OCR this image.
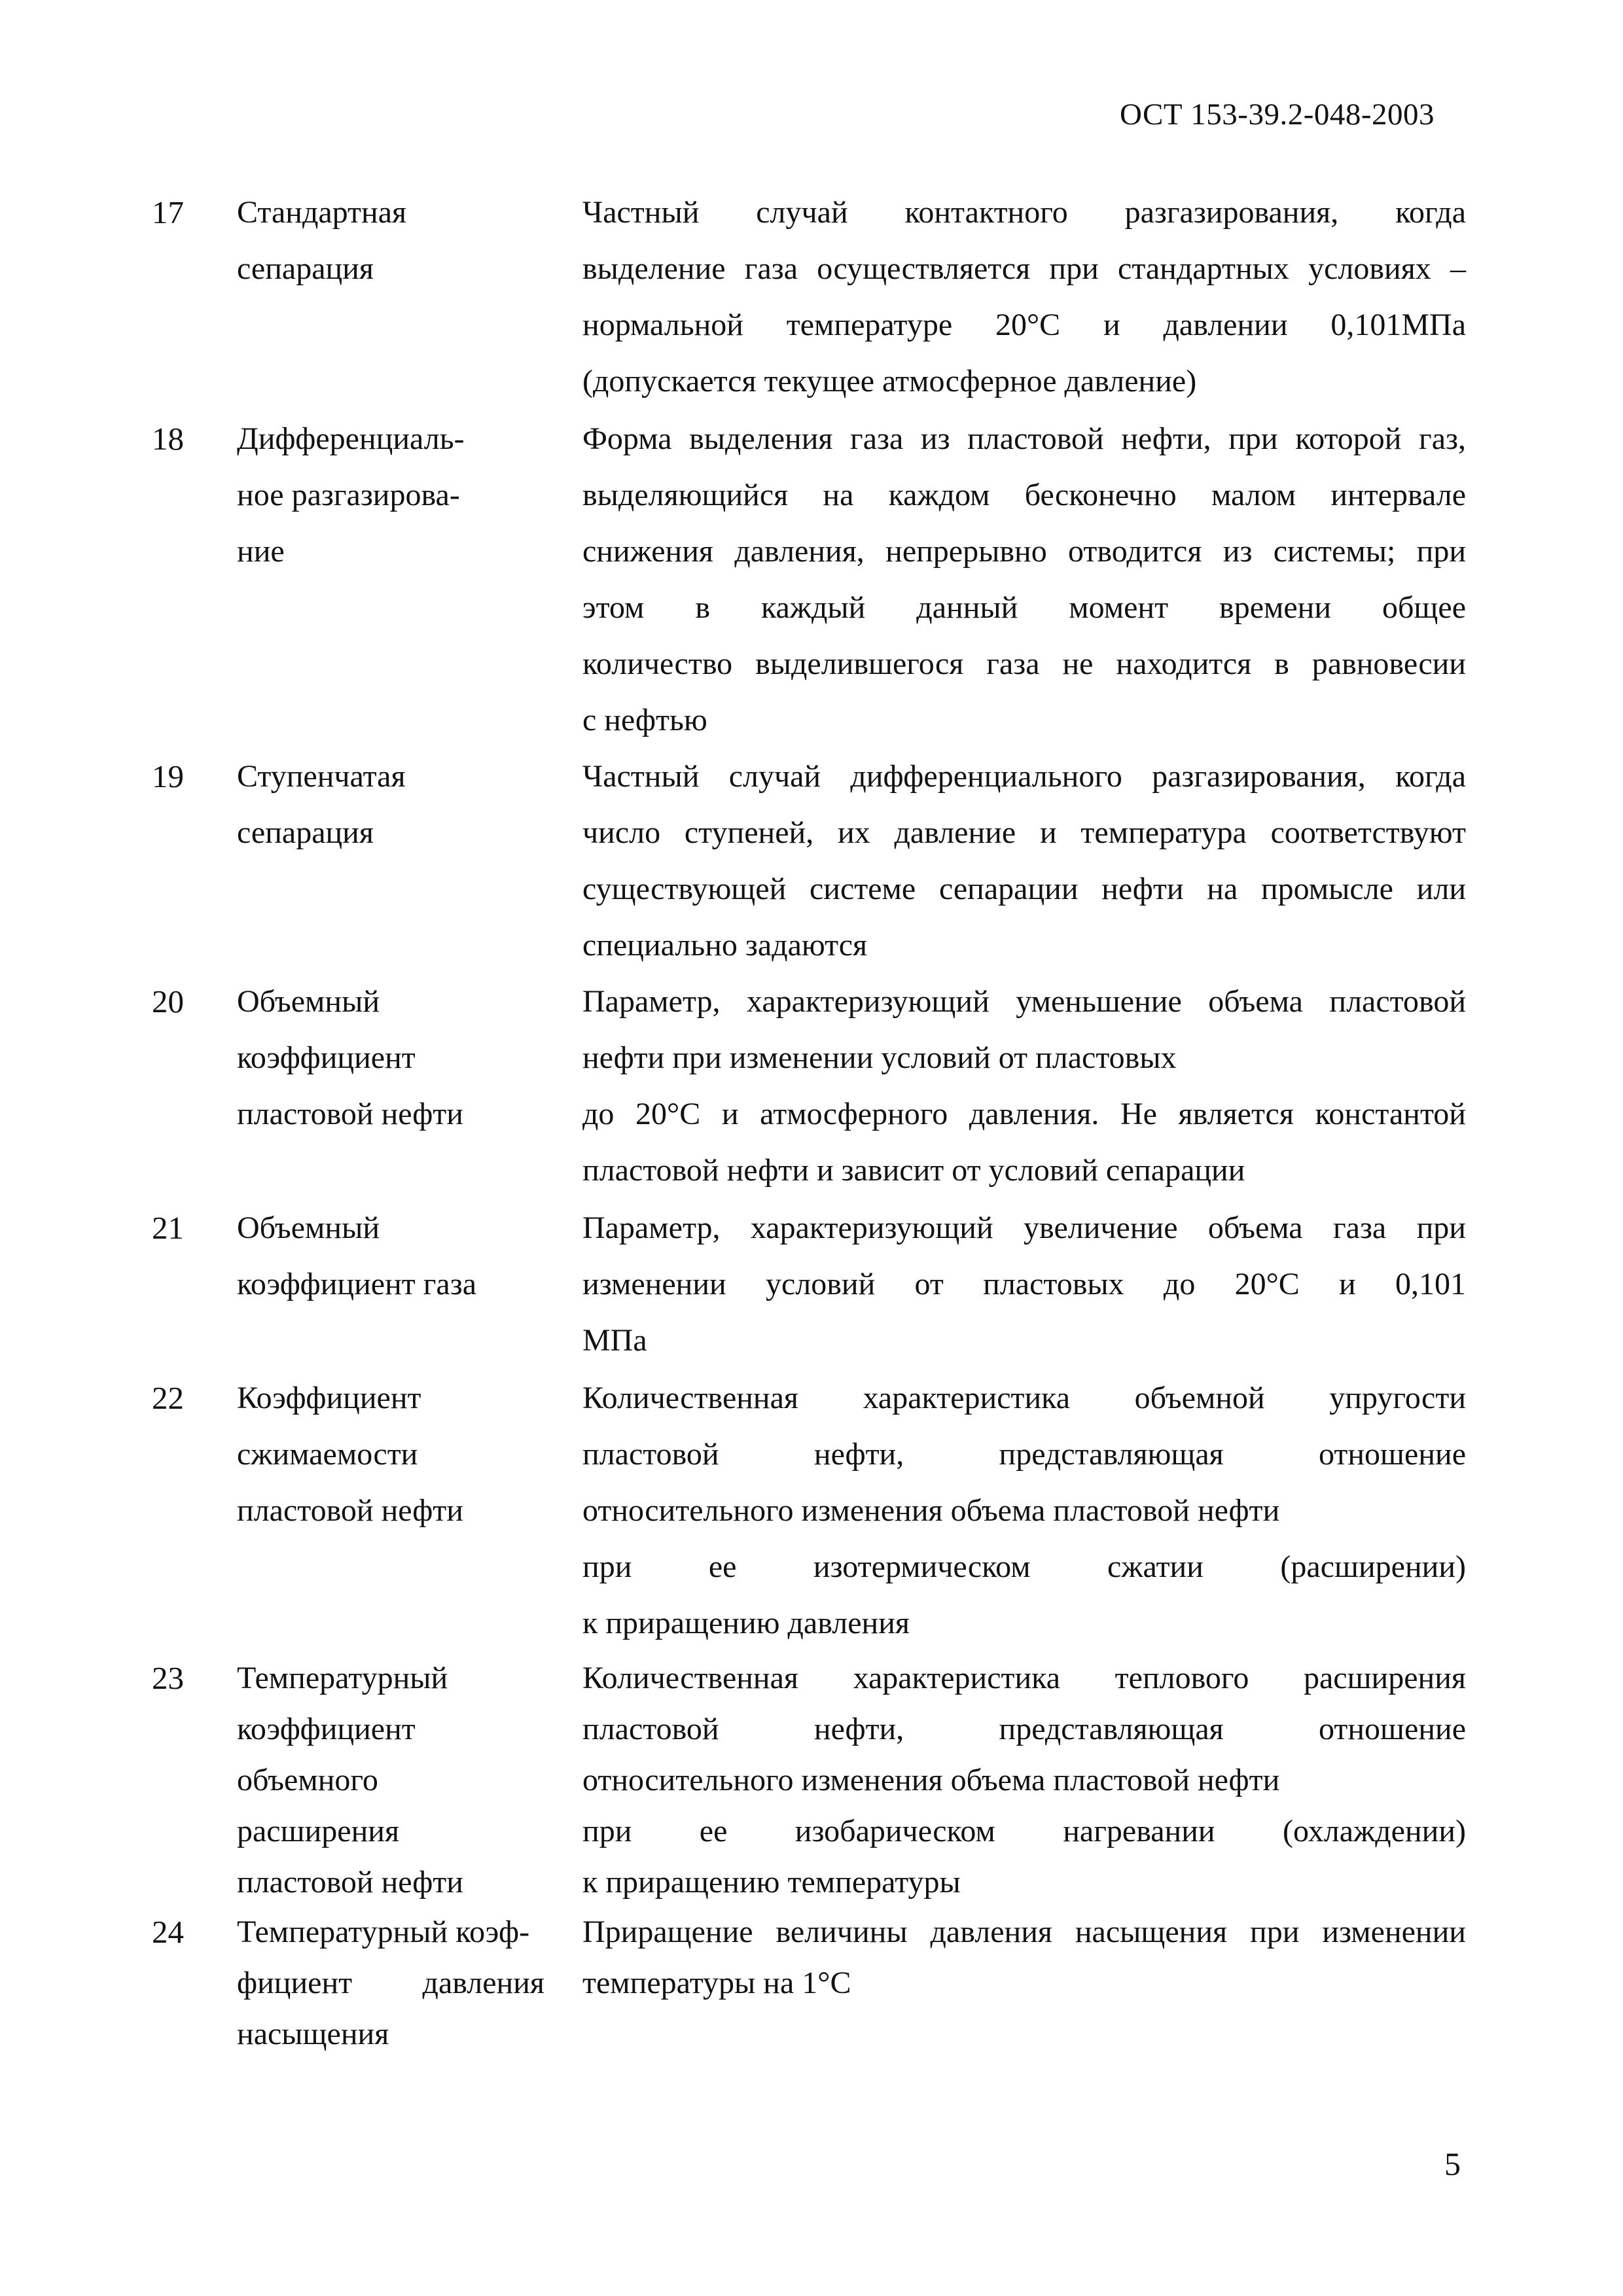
ОСТ 153-39.2-048-2003
17 Стандартная
сепарация
Частный случай контактного разгазирования, когда
выделение газа осуществляется при стандартных условиях –
нормальной температуре 20°С и давлении 0,101МПа
(допускается текущее атмосферное давление)
18 Дифференциаль-
ное разгазирова-
ние
Форма выделения газа из пластовой нефти, при которой газ,
выделяющийся на каждом бесконечно малом интервале
снижения давления, непрерывно отводится из системы; при
этом в каждый данный момент времени общее
количество выделившегося газа не находится в равновесии
с нефтью
19 Ступенчатая
сепарация
Частный случай дифференциального разгазирования, когда
число ступеней, их давление и температура соответствуют
существующей системе сепарации нефти на промысле или
специально задаются
20 Объемный
коэффициент
пластовой нефти
Параметр, характеризующий уменьшение объема пластовой
нефти при изменении условий от пластовых
до 20°С и атмосферного давления. Не является константой
пластовой нефти и зависит от условий сепарации
21 Объемный
коэффициент газа
Параметр, характеризующий увеличение объема газа при
изменении условий от пластовых до 20°С и 0,101
МПа
22 Коэффициент
сжимаемости
пластовой нефти
Количественная характеристика объемной упругости
пластовой нефти, представляющая отношение
относительного изменения объема пластовой нефти
при ее изотермическом сжатии (расширении)
к приращению давления
23 Температурный
коэффициент
объемного
расширения
пластовой нефти
Количественная характеристика теплового расширения
пластовой нефти, представляющая отношение
относительного изменения объема пластовой нефти
при ее изобарическом нагревании (охлаждении)
к приращению температуры
24 Температурный коэф-
фициент давления
насыщения
Приращение величины давления насыщения при изменении
температуры на 1°С
5
